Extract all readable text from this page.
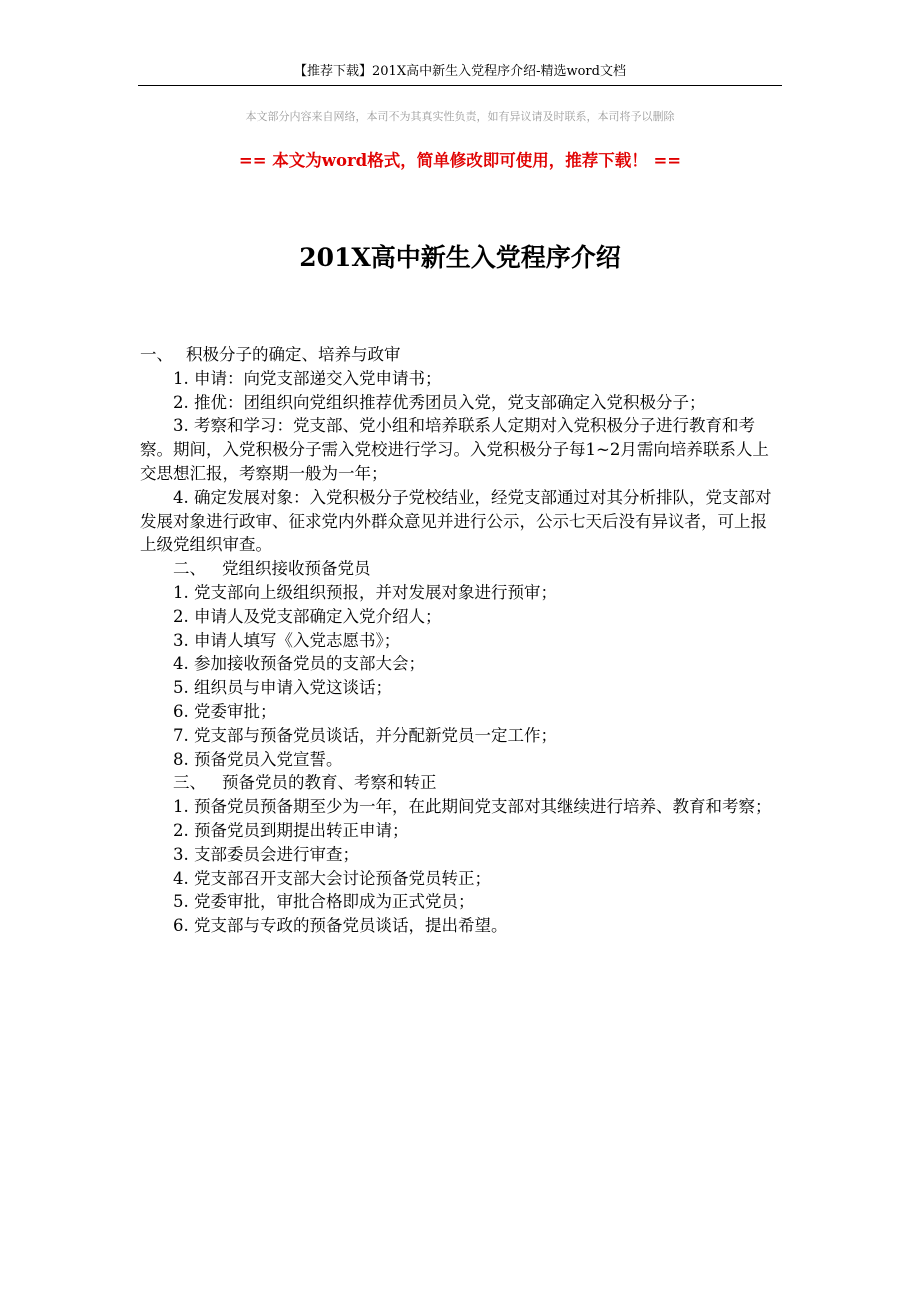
【推荐下载】201X高中新生入党程序介绍-精选word文档
本文部分内容来自网络，本司不为其真实性负责，如有异议请及时联系，本司将予以删除
== 本文为word格式，简单修改即可使用，推荐下载！ ==
201X高中新生入党程序介绍

一、 积极分子的确定、培养与政审

1. 申请：向党支部递交入党申请书；

2. 推优：团组织向党组织推荐优秀团员入党，党支部确定入党积极分子；

3. 考察和学习：党支部、党小组和培养联系人定期对入党积极分子进行教育和考察。期间，入党积极分子需入党校进行学习。入党积极分子每1~2月需向培养联系人上交思想汇报，考察期一般为一年；

4. 确定发展对象：入党积极分子党校结业，经党支部通过对其分析排队，党支部对发展对象进行政审、征求党内外群众意见并进行公示，公示七天后没有异议者，可上报上级党组织审查。

二、 党组织接收预备党员

1. 党支部向上级组织预报，并对发展对象进行预审；

2. 申请人及党支部确定入党介绍人；

3. 申请人填写《入党志愿书》；

4. 参加接收预备党员的支部大会；

5. 组织员与申请入党这谈话；

6. 党委审批；

7. 党支部与预备党员谈话，并分配新党员一定工作；

8. 预备党员入党宣誓。

三、 预备党员的教育、考察和转正

1. 预备党员预备期至少为一年，在此期间党支部对其继续进行培养、教育和考察；

2. 预备党员到期提出转正申请；

3. 支部委员会进行审查；

4. 党支部召开支部大会讨论预备党员转正；

5. 党委审批，审批合格即成为正式党员；

6. 党支部与专政的预备党员谈话，提出希望。
